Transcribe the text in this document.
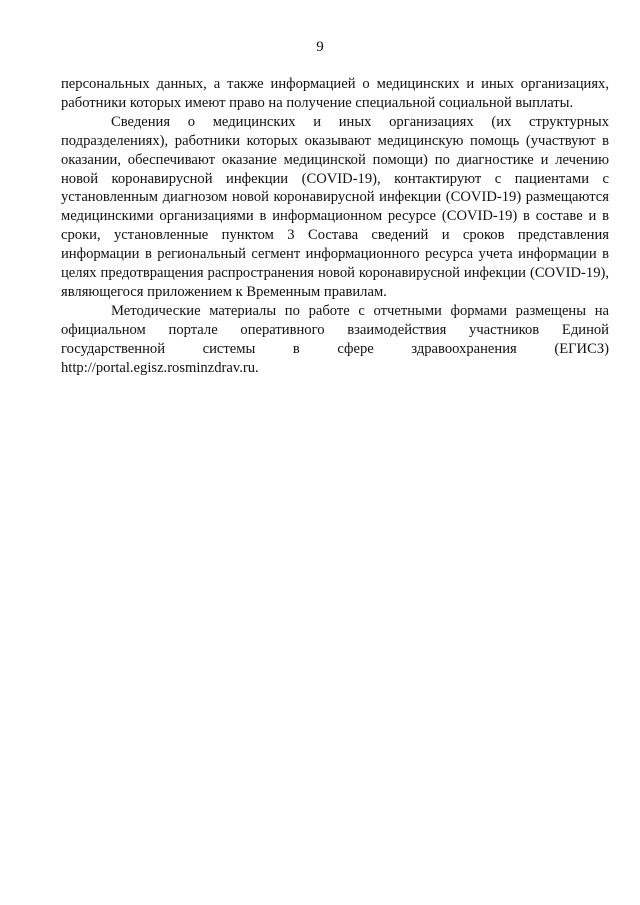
9

персональных данных, а также информацией о медицинских и иных организациях, работники которых имеют право на получение специальной социальной выплаты.

Сведения о медицинских и иных организациях (их структурных подразделениях), работники которых оказывают медицинскую помощь (участвуют в оказании, обеспечивают оказание медицинской помощи) по диагностике и лечению новой коронавирусной инфекции (COVID-19), контактируют с пациентами с установленным диагнозом новой коронавирусной инфекции (COVID-19) размещаются медицинскими организациями в информационном ресурсе (COVID-19) в составе и в сроки, установленные пунктом 3 Состава сведений и сроков представления информации в региональный сегмент информационного ресурса учета информации в целях предотвращения распространения новой коронавирусной инфекции (COVID-19), являющегося приложением к Временным правилам.

Методические материалы по работе с отчетными формами размещены на официальном портале оперативного взаимодействия участников Единой государственной системы в сфере здравоохранения (ЕГИСЗ) http://portal.egisz.rosminzdrav.ru.
